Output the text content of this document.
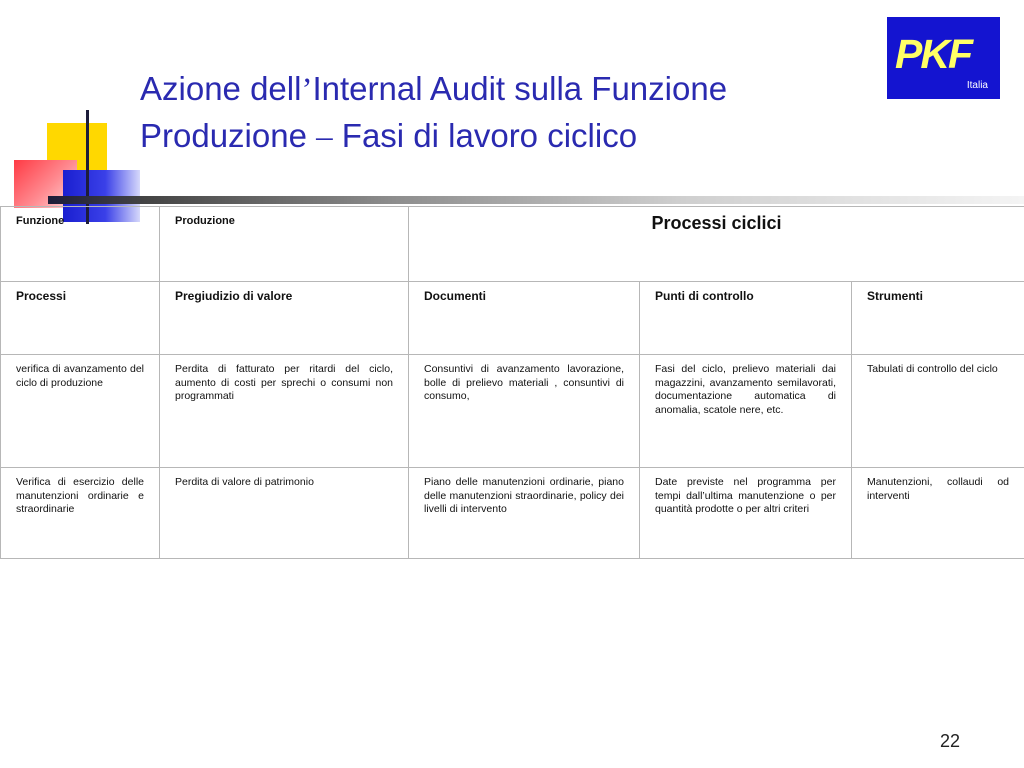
Azione dell’Internal Audit sulla Funzione
Produzione – Fasi di lavoro ciclico
PKF
Italia
Funzione	Produzione	Processi ciclici		
Processi	Pregiudizio di valore	Documenti	Punti di controllo	Strumenti
verifica di avanzamento del ciclo di produzione	Perdita di fatturato per ritardi del ciclo, aumento di costi per sprechi o consumi non programmati	Consuntivi di avanzamento lavorazione, bolle di prelievo materiali , consuntivi di consumo,	Fasi del ciclo, prelievo materiali dai magazzini, avanzamento semilavorati, documentazione automatica di anomalia, scatole nere, etc.	Tabulati di controllo del ciclo
Verifica di esercizio delle manutenzioni ordinarie e straordinarie	Perdita di valore di patrimonio	Piano delle manutenzioni ordinarie, piano delle manutenzioni straordinarie, policy dei livelli di intervento	Date previste nel programma per tempi dall’ultima manutenzione o per quantità prodotte o per altri criteri	Manutenzioni, collaudi od interventi
22
